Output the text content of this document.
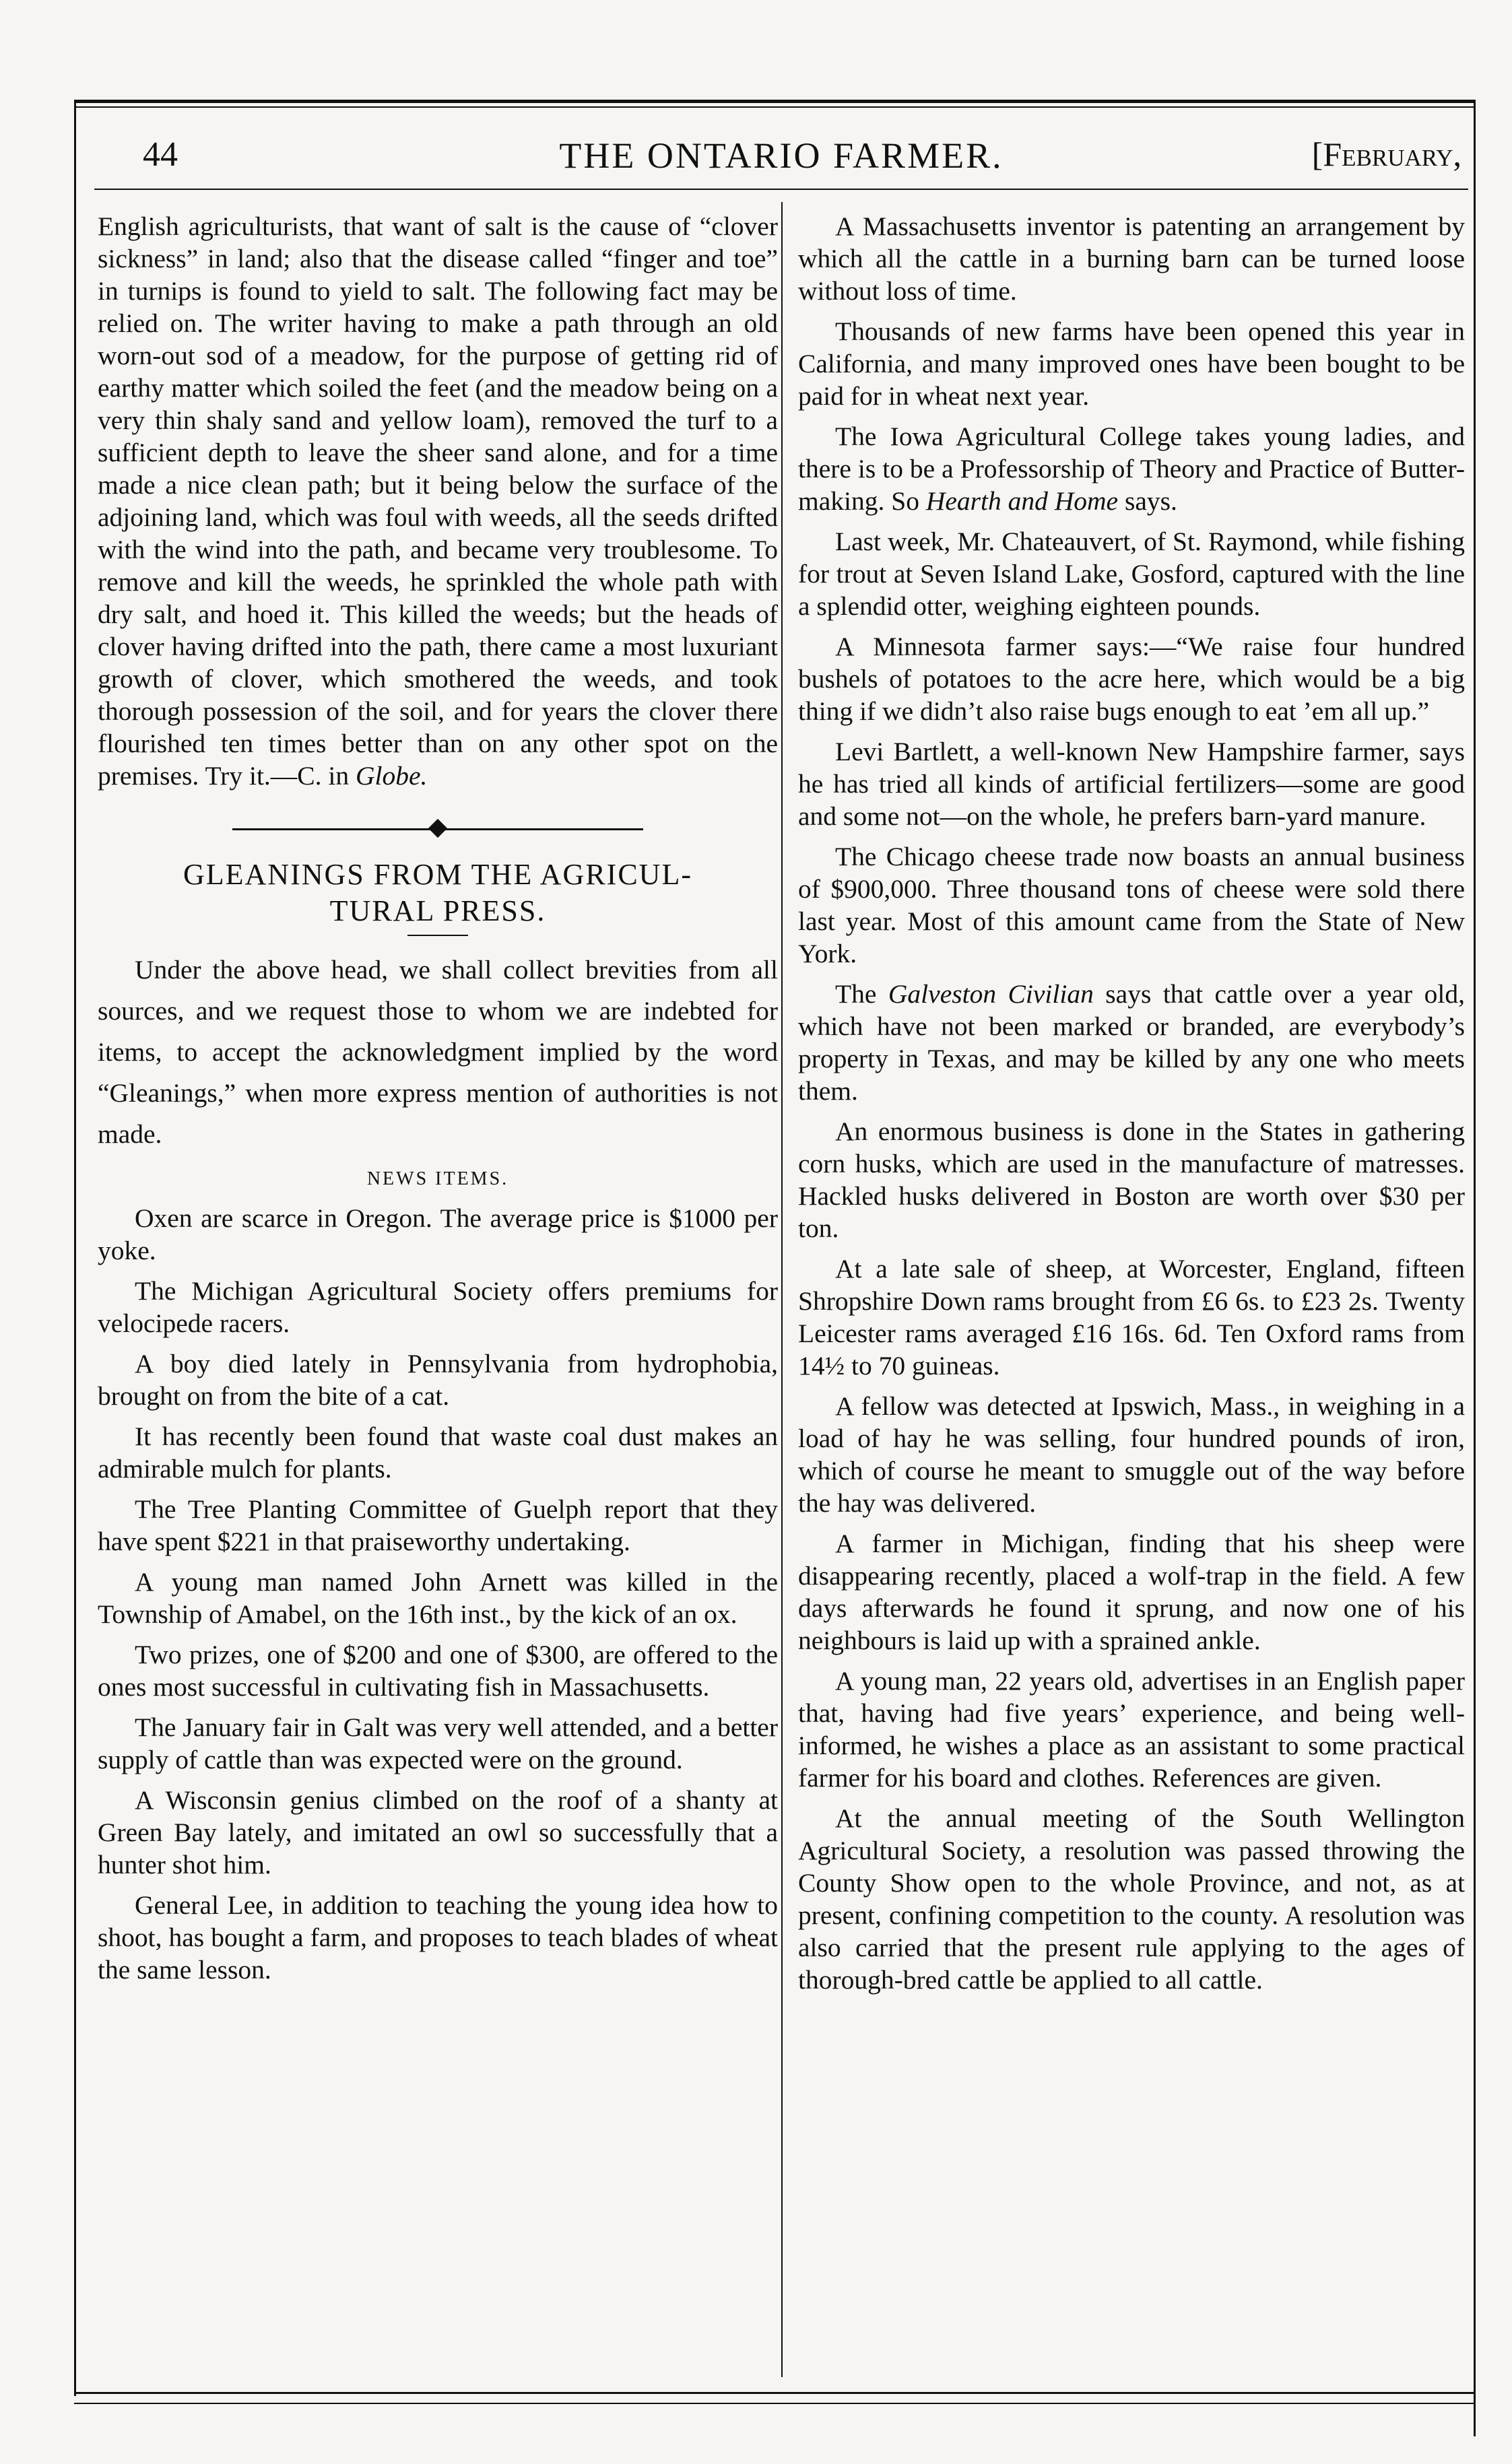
44	THE ONTARIO FARMER.	[February,

English agriculturists, that want of salt is the cause of “clover sickness” in land; also that the disease called “finger and toe” in turnips is found to yield to salt. The following fact may be relied on. The writer having to make a path through an old worn-out sod of a meadow, for the purpose of getting rid of earthy matter which soiled the feet (and the meadow being on a very thin shaly sand and yellow loam), removed the turf to a sufficient depth to leave the sheer sand alone, and for a time made a nice clean path; but it being below the surface of the adjoining land, which was foul with weeds, all the seeds drifted with the wind into the path, and became very troublesome. To remove and kill the weeds, he sprinkled the whole path with dry salt, and hoed it. This killed the weeds; but the heads of clover having drifted into the path, there came a most luxuriant growth of clover, which smothered the weeds, and took thorough possession of the soil, and for years the clover there flourished ten times better than on any other spot on the premises. Try it.—C. in Globe.

GLEANINGS FROM THE AGRICUL-
TURAL PRESS.

Under the above head, we shall collect brevities from all sources, and we request those to whom we are indebted for items, to accept the acknowledgment implied by the word “Gleanings,” when more express mention of authorities is not made.

NEWS ITEMS.

Oxen are scarce in Oregon. The average price is $1000 per yoke.

The Michigan Agricultural Society offers premiums for velocipede racers.

A boy died lately in Pennsylvania from hydrophobia, brought on from the bite of a cat.

It has recently been found that waste coal dust makes an admirable mulch for plants.

The Tree Planting Committee of Guelph report that they have spent $221 in that praiseworthy undertaking.

A young man named John Arnett was killed in the Township of Amabel, on the 16th inst., by the kick of an ox.

Two prizes, one of $200 and one of $300, are offered to the ones most successful in cultivating fish in Massachusetts.

The January fair in Galt was very well attended, and a better supply of cattle than was expected were on the ground.

A Wisconsin genius climbed on the roof of a shanty at Green Bay lately, and imitated an owl so successfully that a hunter shot him.

General Lee, in addition to teaching the young idea how to shoot, has bought a farm, and proposes to teach blades of wheat the same lesson.

A Massachusetts inventor is patenting an arrangement by which all the cattle in a burning barn can be turned loose without loss of time.

Thousands of new farms have been opened this year in California, and many improved ones have been bought to be paid for in wheat next year.

The Iowa Agricultural College takes young ladies, and there is to be a Professorship of Theory and Practice of Butter-making. So Hearth and Home says.

Last week, Mr. Chateauvert, of St. Raymond, while fishing for trout at Seven Island Lake, Gosford, captured with the line a splendid otter, weighing eighteen pounds.

A Minnesota farmer says:—“We raise four hundred bushels of potatoes to the acre here, which would be a big thing if we didn’t also raise bugs enough to eat ’em all up.”

Levi Bartlett, a well-known New Hampshire farmer, says he has tried all kinds of artificial fertilizers—some are good and some not—on the whole, he prefers barn-yard manure.

The Chicago cheese trade now boasts an annual business of $900,000. Three thousand tons of cheese were sold there last year. Most of this amount came from the State of New York.

The Galveston Civilian says that cattle over a year old, which have not been marked or branded, are everybody’s property in Texas, and may be killed by any one who meets them.

An enormous business is done in the States in gathering corn husks, which are used in the manufacture of matresses. Hackled husks delivered in Boston are worth over $30 per ton.

At a late sale of sheep, at Worcester, England, fifteen Shropshire Down rams brought from £6 6s. to £23 2s. Twenty Leicester rams averaged £16 16s. 6d. Ten Oxford rams from 14½ to 70 guineas.

A fellow was detected at Ipswich, Mass., in weighing in a load of hay he was selling, four hundred pounds of iron, which of course he meant to smuggle out of the way before the hay was delivered.

A farmer in Michigan, finding that his sheep were disappearing recently, placed a wolf-trap in the field. A few days afterwards he found it sprung, and now one of his neighbours is laid up with a sprained ankle.

A young man, 22 years old, advertises in an English paper that, having had five years’ experience, and being well-informed, he wishes a place as an assistant to some practical farmer for his board and clothes. References are given.

At the annual meeting of the South Wellington Agricultural Society, a resolution was passed throwing the County Show open to the whole Province, and not, as at present, confining competition to the county. A resolution was also carried that the present rule applying to the ages of thorough-bred cattle be applied to all cattle.
